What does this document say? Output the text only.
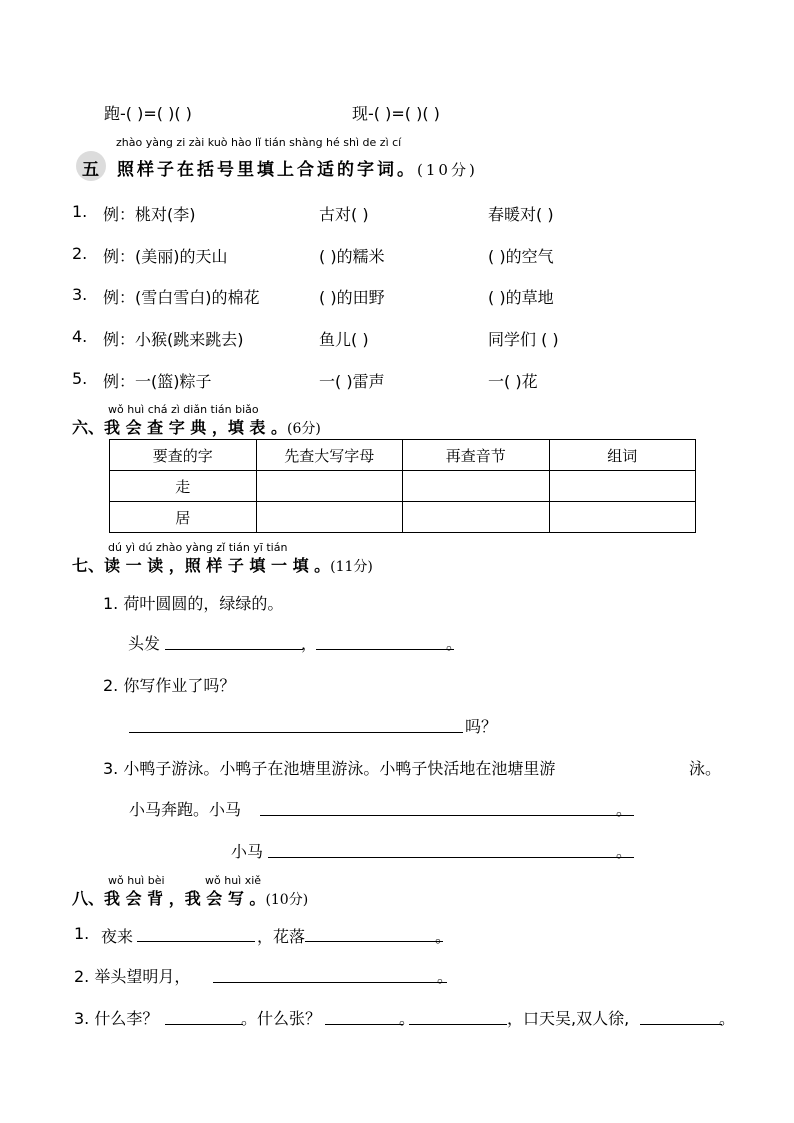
跑-( )=( )( )	现-( )=( )( )
zhào yàng zi zài kuò hào lǐ tián shàng hé shì de zì cí
五 照样子在括号里填上合适的字词。(10分)
1. 例：桃对(李)	古对( )	春暖对( )
2. 例：(美丽)的天山	( )的糯米	( )的空气
3. 例：(雪白雪白)的棉花	( )的田野	( )的草地
4. 例：小猴(跳来跳去)	鱼儿( )	同学们 ( )
5. 例：一(篮)粽子	一( )雷声	一( )花
wǒ huì chá zì diǎn tián biǎo
六、我 会 查 字 典 ，填 表 。(6分)
要查的字	先查大写字母	再查音节	组词
走			
居			
dú yì dú zhào yàng zǐ tián yī tián
七、读 一 读 ，照 样 子 填 一 填 。(11分)
1. 荷叶圆圆的，绿绿的。
头发	，	。
2. 你写作业了吗？
吗？
3. 小鸭子游泳。小鸭子在池塘里游泳。小鸭子快活地在池塘里游	泳。
小马奔跑。小马	。
小马	。
wǒ huì bèi	wǒ huì xiě
八、我 会 背 ，我 会 写 。(10分)
1. 夜来	，花落	。
2. 举头望明月，	。
3. 什么李？	。什么张？	。	，口天吴,双人徐,	。
